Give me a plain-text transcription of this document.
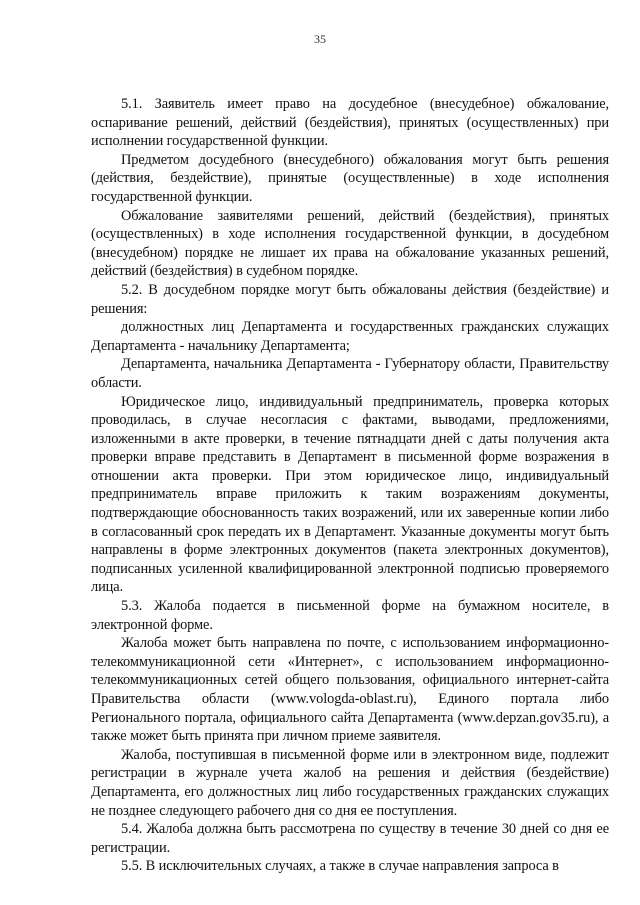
35

5.1. Заявитель имеет право на досудебное (внесудебное) обжалование, оспаривание решений, действий (бездействия), принятых (осуществленных) при исполнении государственной функции.

Предметом досудебного (внесудебного) обжалования могут быть решения (действия, бездействие), принятые (осуществленные) в ходе исполнения государственной функции.

Обжалование заявителями решений, действий (бездействия), принятых (осуществленных) в ходе исполнения государственной функции, в досудебном (внесудебном) порядке не лишает их права на обжалование указанных решений, действий (бездействия) в судебном порядке.

5.2. В досудебном порядке могут быть обжалованы действия (бездействие) и решения:

должностных лиц Департамента и государственных гражданских служащих Департамента - начальнику Департамента;

Департамента, начальника Департамента - Губернатору области, Правительству области.

Юридическое лицо, индивидуальный предприниматель, проверка которых проводилась, в случае несогласия с фактами, выводами, предложениями, изложенными в акте проверки, в течение пятнадцати дней с даты получения акта проверки вправе представить в Департамент в письменной форме возражения в отношении акта проверки. При этом юридическое лицо, индивидуальный предприниматель вправе приложить к таким возражениям документы, подтверждающие обоснованность таких возражений, или их заверенные копии либо в согласованный срок передать их в Департамент. Указанные документы могут быть направлены в форме электронных документов (пакета электронных документов), подписанных усиленной квалифицированной электронной подписью проверяемого лица.

5.3. Жалоба подается в письменной форме на бумажном носителе, в электронной форме.

Жалоба может быть направлена по почте, с использованием информационно-телекоммуникационной сети «Интернет», с использованием информационно-телекоммуникационных сетей общего пользования, официального интернет-сайта Правительства области (www.vologda-oblast.ru), Единого портала либо Регионального портала, официального сайта Департамента (www.depzan.gov35.ru), а также может быть принята при личном приеме заявителя.

Жалоба, поступившая в письменной форме или в электронном виде, подлежит регистрации в журнале учета жалоб на решения и действия (бездействие) Департамента, его должностных лиц либо государственных гражданских служащих не позднее следующего рабочего дня со дня ее поступления.

5.4. Жалоба должна быть рассмотрена по существу в течение 30 дней со дня ее регистрации.

5.5. В исключительных случаях, а также в случае направления запроса в
